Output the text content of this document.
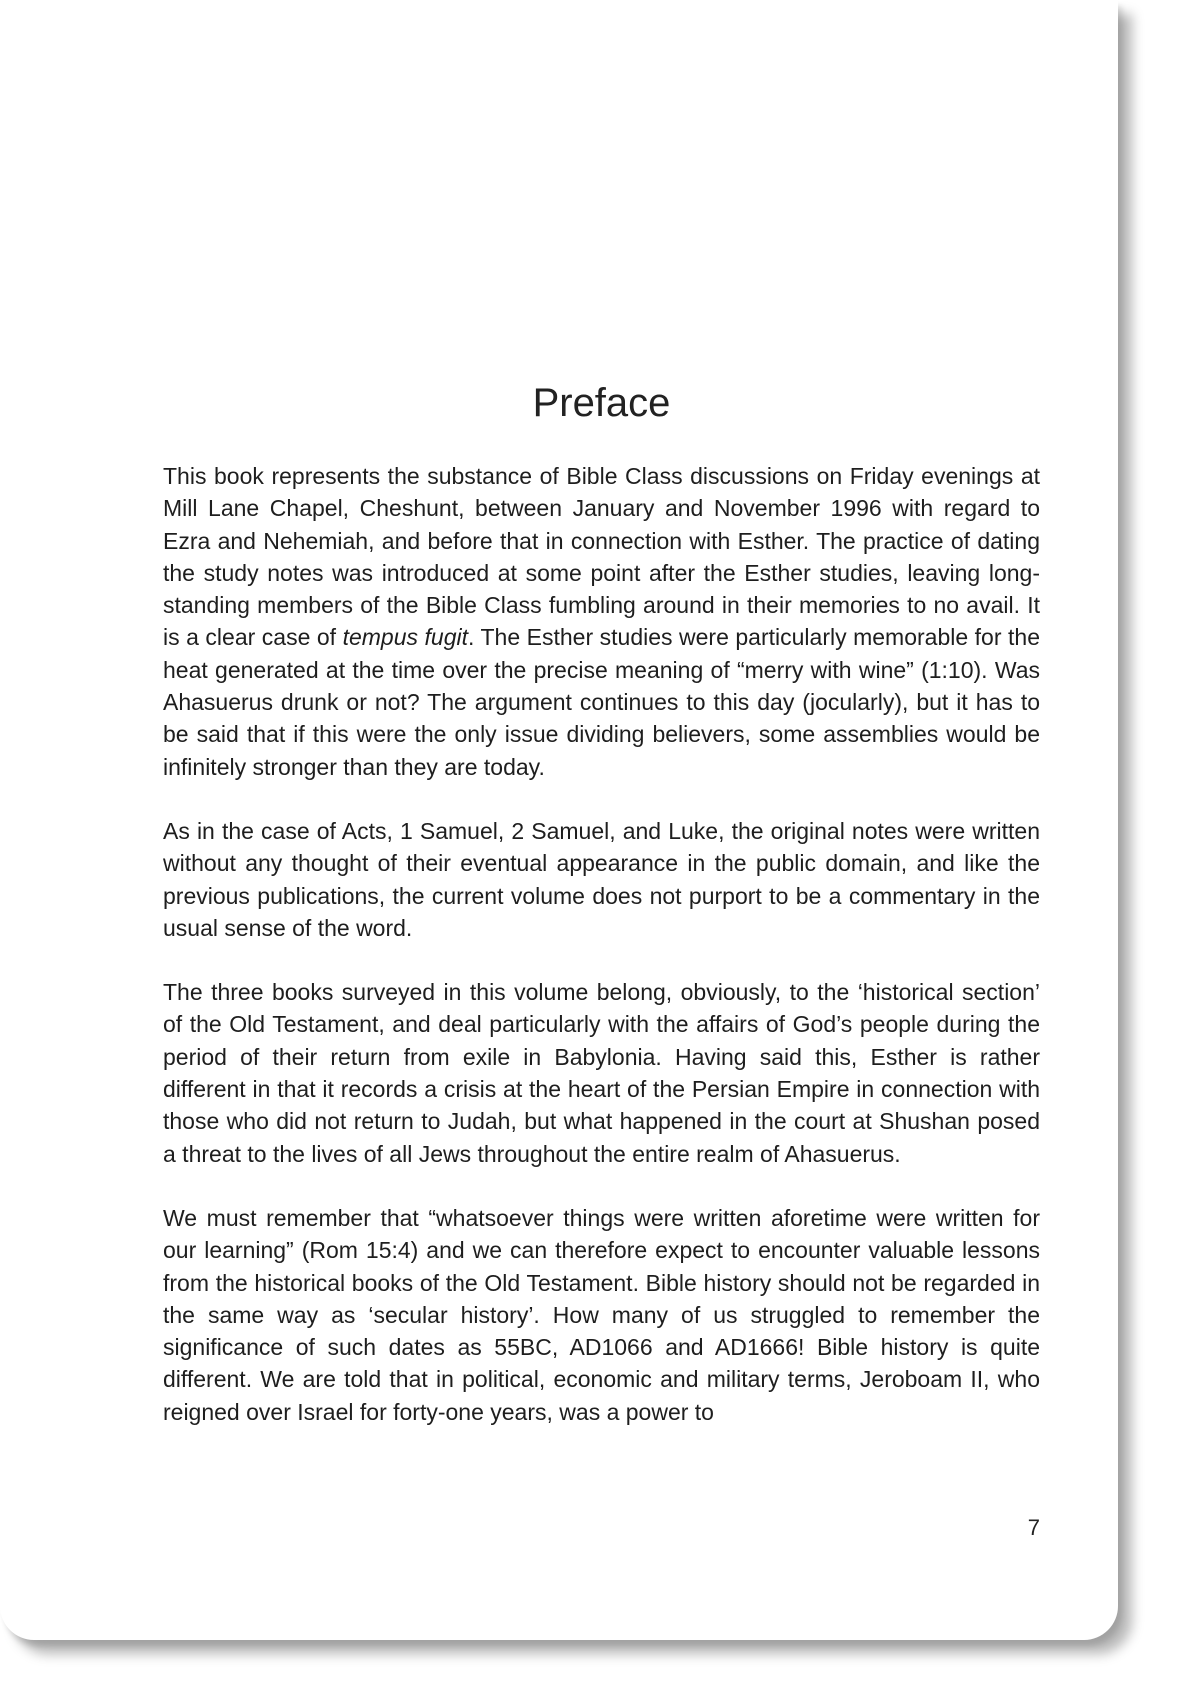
Preface

This book represents the substance of Bible Class discussions on Friday evenings at Mill Lane Chapel, Cheshunt, between January and November 1996 with regard to Ezra and Nehemiah, and before that in connection with Esther. The practice of dating the study notes was introduced at some point after the Esther studies, leaving long-standing members of the Bible Class fumbling around in their memories to no avail. It is a clear case of tempus fugit. The Esther studies were particularly memorable for the heat generated at the time over the precise meaning of “merry with wine” (1:10). Was Ahasuerus drunk or not? The argument continues to this day (jocularly), but it has to be said that if this were the only issue dividing believers, some assemblies would be infinitely stronger than they are today.

As in the case of Acts, 1 Samuel, 2 Samuel, and Luke, the original notes were written without any thought of their eventual appearance in the public domain, and like the previous publications, the current volume does not purport to be a commentary in the usual sense of the word.

The three books surveyed in this volume belong, obviously, to the ‘historical section’ of the Old Testament, and deal particularly with the affairs of God’s people during the period of their return from exile in Babylonia. Having said this, Esther is rather different in that it records a crisis at the heart of the Persian Empire in connection with those who did not return to Judah, but what happened in the court at Shushan posed a threat to the lives of all Jews throughout the entire realm of Ahasuerus.

We must remember that “whatsoever things were written aforetime were written for our learning” (Rom 15:4) and we can therefore expect to encounter valuable lessons from the historical books of the Old Testament. Bible history should not be regarded in the same way as ‘secular history’. How many of us struggled to remember the significance of such dates as 55BC, AD1066 and AD1666! Bible history is quite different. We are told that in political, economic and military terms, Jeroboam II, who reigned over Israel for forty-one years, was a power to

7
